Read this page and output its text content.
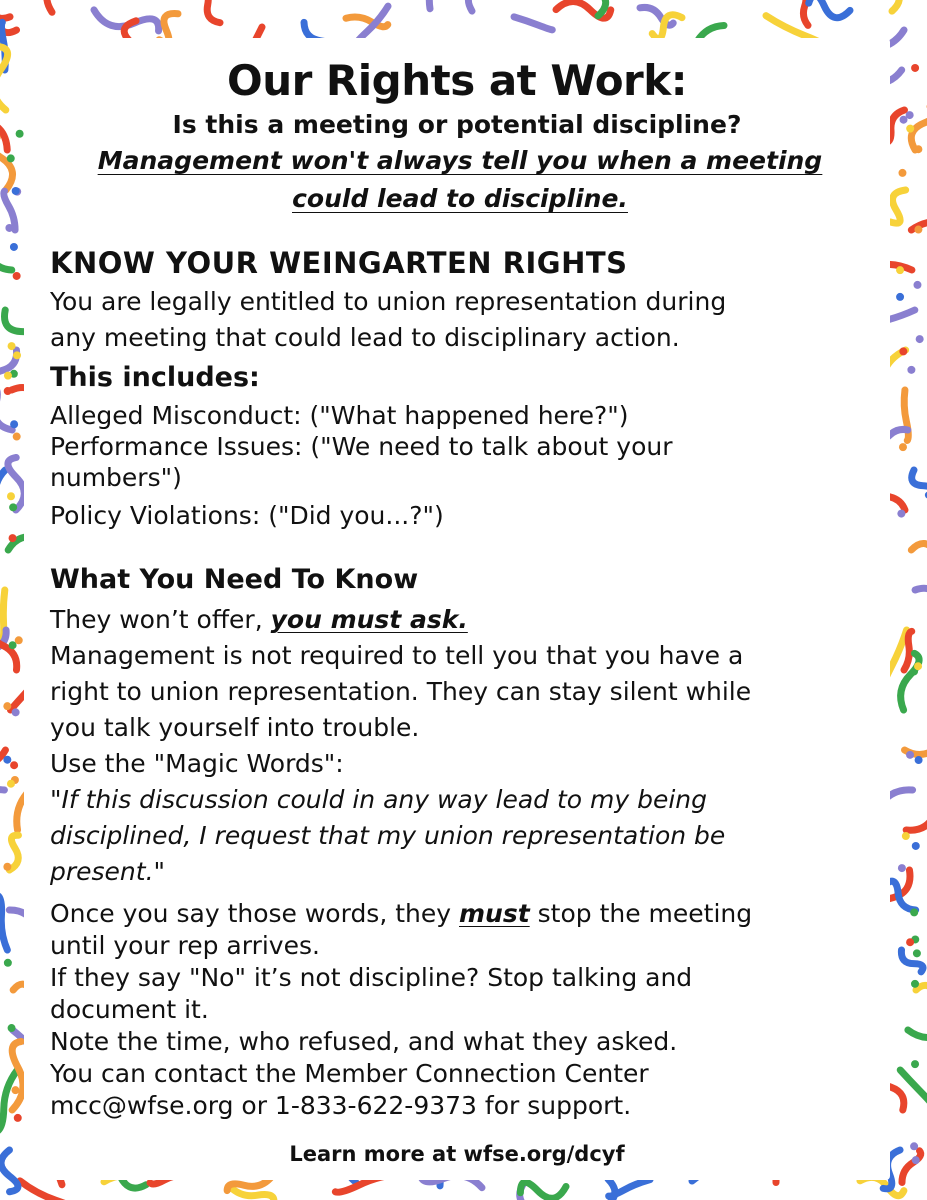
Our Rights at Work:
Is this a meeting or potential discipline?
Management won't always tell you when a meeting
could lead to discipline.
KNOW YOUR WEINGARTEN RIGHTS
You are legally entitled to union representation during
any meeting that could lead to disciplinary action.
This includes:
Alleged Misconduct: ("What happened here?")
Performance Issues: ("We need to talk about your
numbers")
Policy Violations: ("Did you...?")
What You Need To Know
They won’t offer, you must ask.
Management is not required to tell you that you have a
right to union representation. They can stay silent while
you talk yourself into trouble.
Use the "Magic Words":
"If this discussion could in any way lead to my being
disciplined, I request that my union representation be
present."
Once you say those words, they must stop the meeting
until your rep arrives.
If they say "No" it’s not discipline? Stop talking and
document it.
Note the time, who refused, and what they asked.
You can contact the Member Connection Center
mcc@wfse.org or 1-833-622-9373 for support.
Learn more at wfse.org/dcyf
